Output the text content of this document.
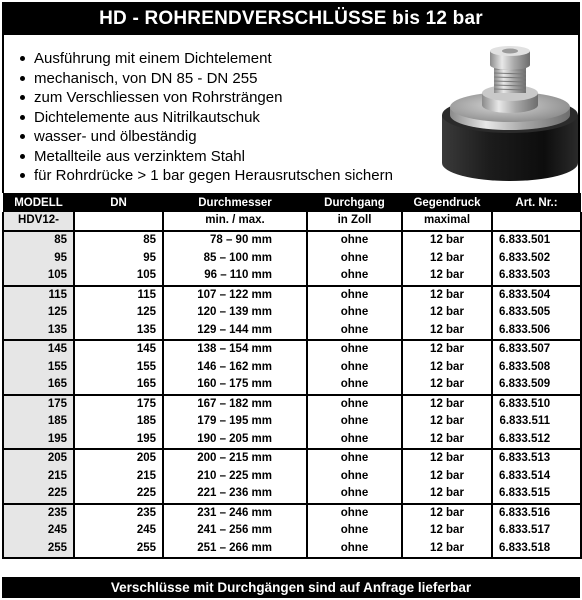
HD - ROHRENDVERSCHLÜSSE bis 12 bar
Ausführung mit einem Dichtelement
mechanisch, von DN 85 - DN 255
zum Verschliessen von Rohrsträngen
Dichtelemente aus Nitrilkautschuk
wasser- und ölbeständig
Metallteile aus verzinktem Stahl
für Rohrdrücke > 1 bar gegen Herausrutschen sichern
MODELL	DN	Durchmesser	Durchgang	Gegendruck	Art. Nr.:
HDV12-		min. / max.	in Zoll	maximal	
85	85	78 – 90 mm	ohne	12 bar	6.833.501
95	95	85 – 100 mm	ohne	12 bar	6.833.502
105	105	96 – 110 mm	ohne	12 bar	6.833.503
115	115	107 – 122 mm	ohne	12 bar	6.833.504
125	125	120 – 139 mm	ohne	12 bar	6.833.505
135	135	129 – 144 mm	ohne	12 bar	6.833.506
145	145	138 – 154 mm	ohne	12 bar	6.833.507
155	155	146 – 162 mm	ohne	12 bar	6.833.508
165	165	160 – 175 mm	ohne	12 bar	6.833.509
175	175	167 – 182 mm	ohne	12 bar	6.833.510
185	185	179 – 195 mm	ohne	12 bar	6.833.511
195	195	190 – 205 mm	ohne	12 bar	6.833.512
205	205	200 – 215 mm	ohne	12 bar	6.833.513
215	215	210 – 225 mm	ohne	12 bar	6.833.514
225	225	221 – 236 mm	ohne	12 bar	6.833.515
235	235	231 – 246 mm	ohne	12 bar	6.833.516
245	245	241 – 256 mm	ohne	12 bar	6.833.517
255	255	251 – 266 mm	ohne	12 bar	6.833.518
Verschlüsse mit Durchgängen sind auf Anfrage lieferbar
